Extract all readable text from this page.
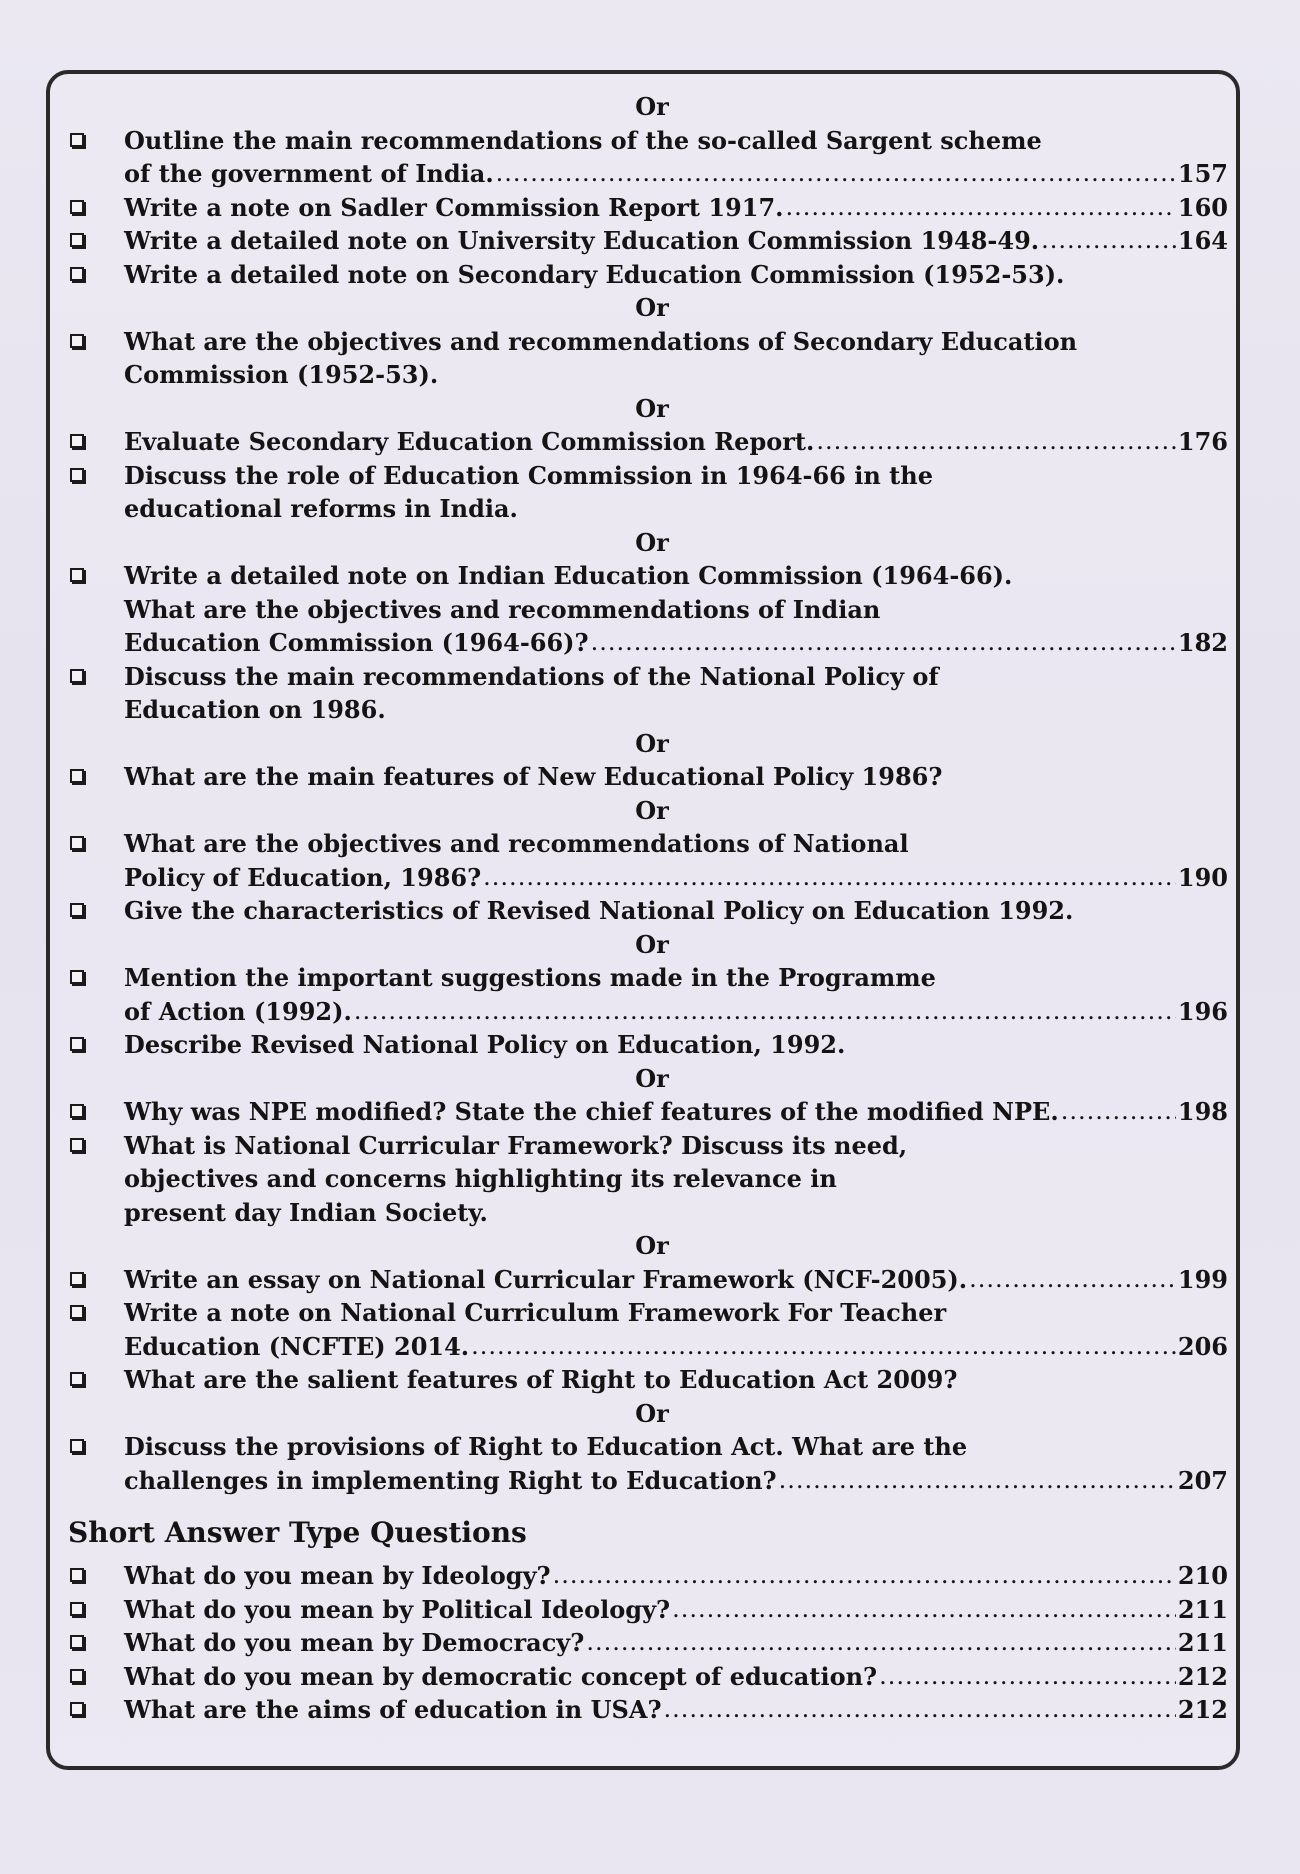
Or
Outline the main recommendations of the so-called Sargent scheme
of the government of India. .....	157
Write a note on Sadler Commission Report 1917. .....	160
Write a detailed note on University Education Commission 1948-49. .....	164
Write a detailed note on Secondary Education Commission (1952-53).
Or
What are the objectives and recommendations of Secondary Education
Commission (1952-53).
Or
Evaluate Secondary Education Commission Report. .....	176
Discuss the role of Education Commission in 1964-66 in the
educational reforms in India.
Or
Write a detailed note on Indian Education Commission (1964-66).
What are the objectives and recommendations of Indian
Education Commission (1964-66)? .....	182
Discuss the main recommendations of the National Policy of
Education on 1986.
Or
What are the main features of New Educational Policy 1986?
Or
What are the objectives and recommendations of National
Policy of Education, 1986? .....	190
Give the characteristics of Revised National Policy on Education 1992.
Or
Mention the important suggestions made in the Programme
of Action (1992). .....	196
Describe Revised National Policy on Education, 1992.
Or
Why was NPE modified? State the chief features of the modified NPE. .....	198
What is National Curricular Framework? Discuss its need,
objectives and concerns highlighting its relevance in
present day Indian Society.
Or
Write an essay on National Curricular Framework (NCF-2005). .....	199
Write a note on National Curriculum Framework For Teacher
Education (NCFTE) 2014. .....	206
What are the salient features of Right to Education Act 2009?
Or
Discuss the provisions of Right to Education Act. What are the
challenges in implementing Right to Education? .....	207
Short Answer Type Questions
What do you mean by Ideology? .....	210
What do you mean by Political Ideology? .....	211
What do you mean by Democracy? .....	211
What do you mean by democratic concept of education? .....	212
What are the aims of education in USA? .....	212
